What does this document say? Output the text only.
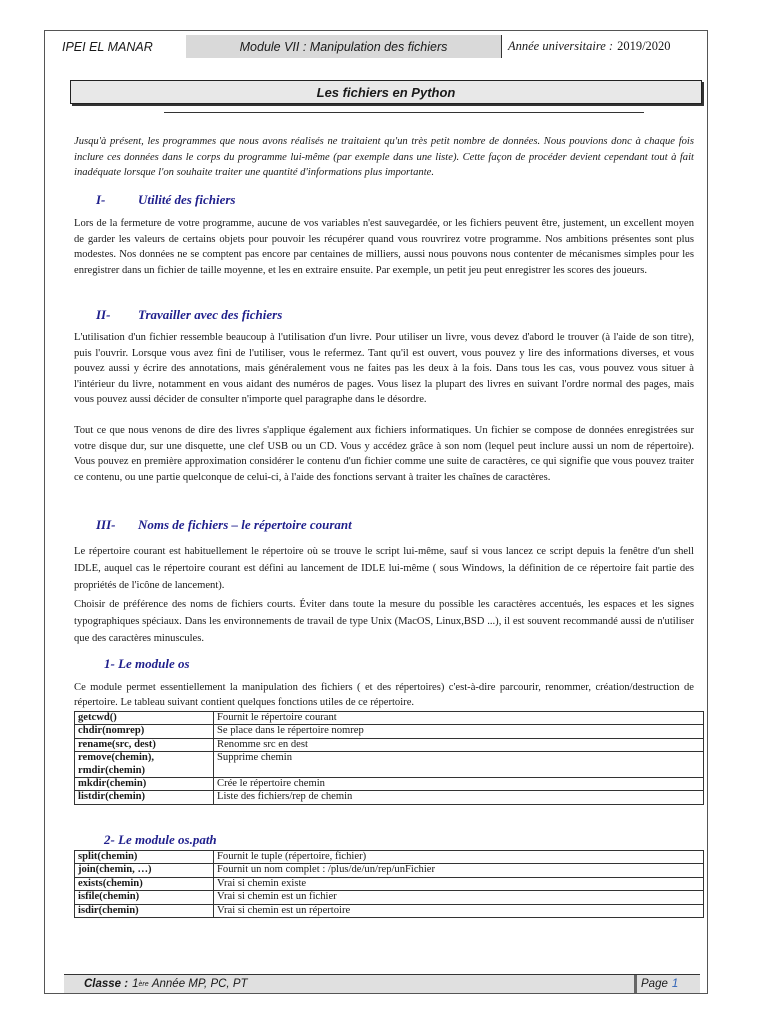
IPEI EL MANAR	Module VII : Manipulation des fichiers	Année universitaire : 2019/2020
Les fichiers en Python
Jusqu'à présent, les programmes que nous avons réalisés ne traitaient qu'un très petit nombre de données. Nous pouvions donc à chaque fois inclure ces données dans le corps du programme lui-même (par exemple dans une liste). Cette façon de procéder devient cependant tout à fait inadéquate lorsque l'on souhaite traiter une quantité d'informations plus importante.
I-	Utilité des fichiers
Lors de la fermeture de votre programme, aucune de vos variables n'est sauvegardée, or les fichiers peuvent être, justement, un excellent moyen de garder les valeurs de certains objets pour pouvoir les récupérer quand vous rouvrirez votre programme. Nos ambitions présentes sont plus modestes. Nos données ne se comptent pas encore par centaines de milliers, aussi nous pouvons nous contenter de mécanismes simples pour les enregistrer dans un fichier de taille moyenne, et les en extraire ensuite. Par exemple, un petit jeu peut enregistrer les scores des joueurs.
II-	Travailler avec des fichiers
L'utilisation d'un fichier ressemble beaucoup à l'utilisation d'un livre. Pour utiliser un livre, vous devez d'abord le trouver (à l'aide de son titre), puis l'ouvrir. Lorsque vous avez fini de l'utiliser, vous le refermez. Tant qu'il est ouvert, vous pouvez y lire des informations diverses, et vous pouvez aussi y écrire des annotations, mais généralement vous ne faites pas les deux à la fois. Dans tous les cas, vous pouvez vous situer à l'intérieur du livre, notamment en vous aidant des numéros de pages. Vous lisez la plupart des livres en suivant l'ordre normal des pages, mais vous pouvez aussi décider de consulter n'importe quel paragraphe dans le désordre.
Tout ce que nous venons de dire des livres s'applique également aux fichiers informatiques. Un fichier se compose de données enregistrées sur votre disque dur, sur une disquette, une clef USB ou un CD. Vous y accédez grâce à son nom (lequel peut inclure aussi un nom de répertoire). Vous pouvez en première approximation considérer le contenu d'un fichier comme une suite de caractères, ce qui signifie que vous pouvez traiter ce contenu, ou une partie quelconque de celui-ci, à l'aide des fonctions servant à traiter les chaînes de caractères.
III-	Noms de fichiers – le répertoire courant
Le répertoire courant est habituellement le répertoire où se trouve le script lui-même, sauf si vous lancez ce script depuis la fenêtre d'un shell IDLE, auquel cas le répertoire courant est défini au lancement de IDLE lui-même ( sous Windows, la définition de ce répertoire fait partie des propriétés de l'icône de lancement).
Choisir de préférence des noms de fichiers courts. Éviter dans toute la mesure du possible les caractères accentués, les espaces et les signes typographiques spéciaux. Dans les environnements de travail de type Unix (MacOS, Linux,BSD ...), il est souvent recommandé aussi de n'utiliser que des caractères minuscules.
1- Le module os
Ce module permet essentiellement la manipulation des fichiers ( et des répertoires) c'est-à-dire parcourir, renommer, création/destruction de répertoire. Le tableau suivant contient quelques fonctions utiles de ce répertoire.
getcwd()	Fournit le répertoire courant
chdir(nomrep)	Se place dans le répertoire nomrep
rename(src, dest)	Renomme src en dest

remove(chemin),
rmdir(chemin)	Supprime chemin
mkdir(chemin)	Crée le répertoire chemin
listdir(chemin)	Liste des fichiers/rep de chemin
2- Le module os.path
split(chemin)	Fournit le tuple (répertoire, fichier)
join(chemin, …)	Fournit un nom complet : /plus/de/un/rep/unFichier
exists(chemin)	Vrai si chemin existe
isfile(chemin)	Vrai si chemin est un fichier
isdir(chemin)	Vrai si chemin est un répertoire
Classe : 1 ère
Année MP, PC, PT	Page 1
